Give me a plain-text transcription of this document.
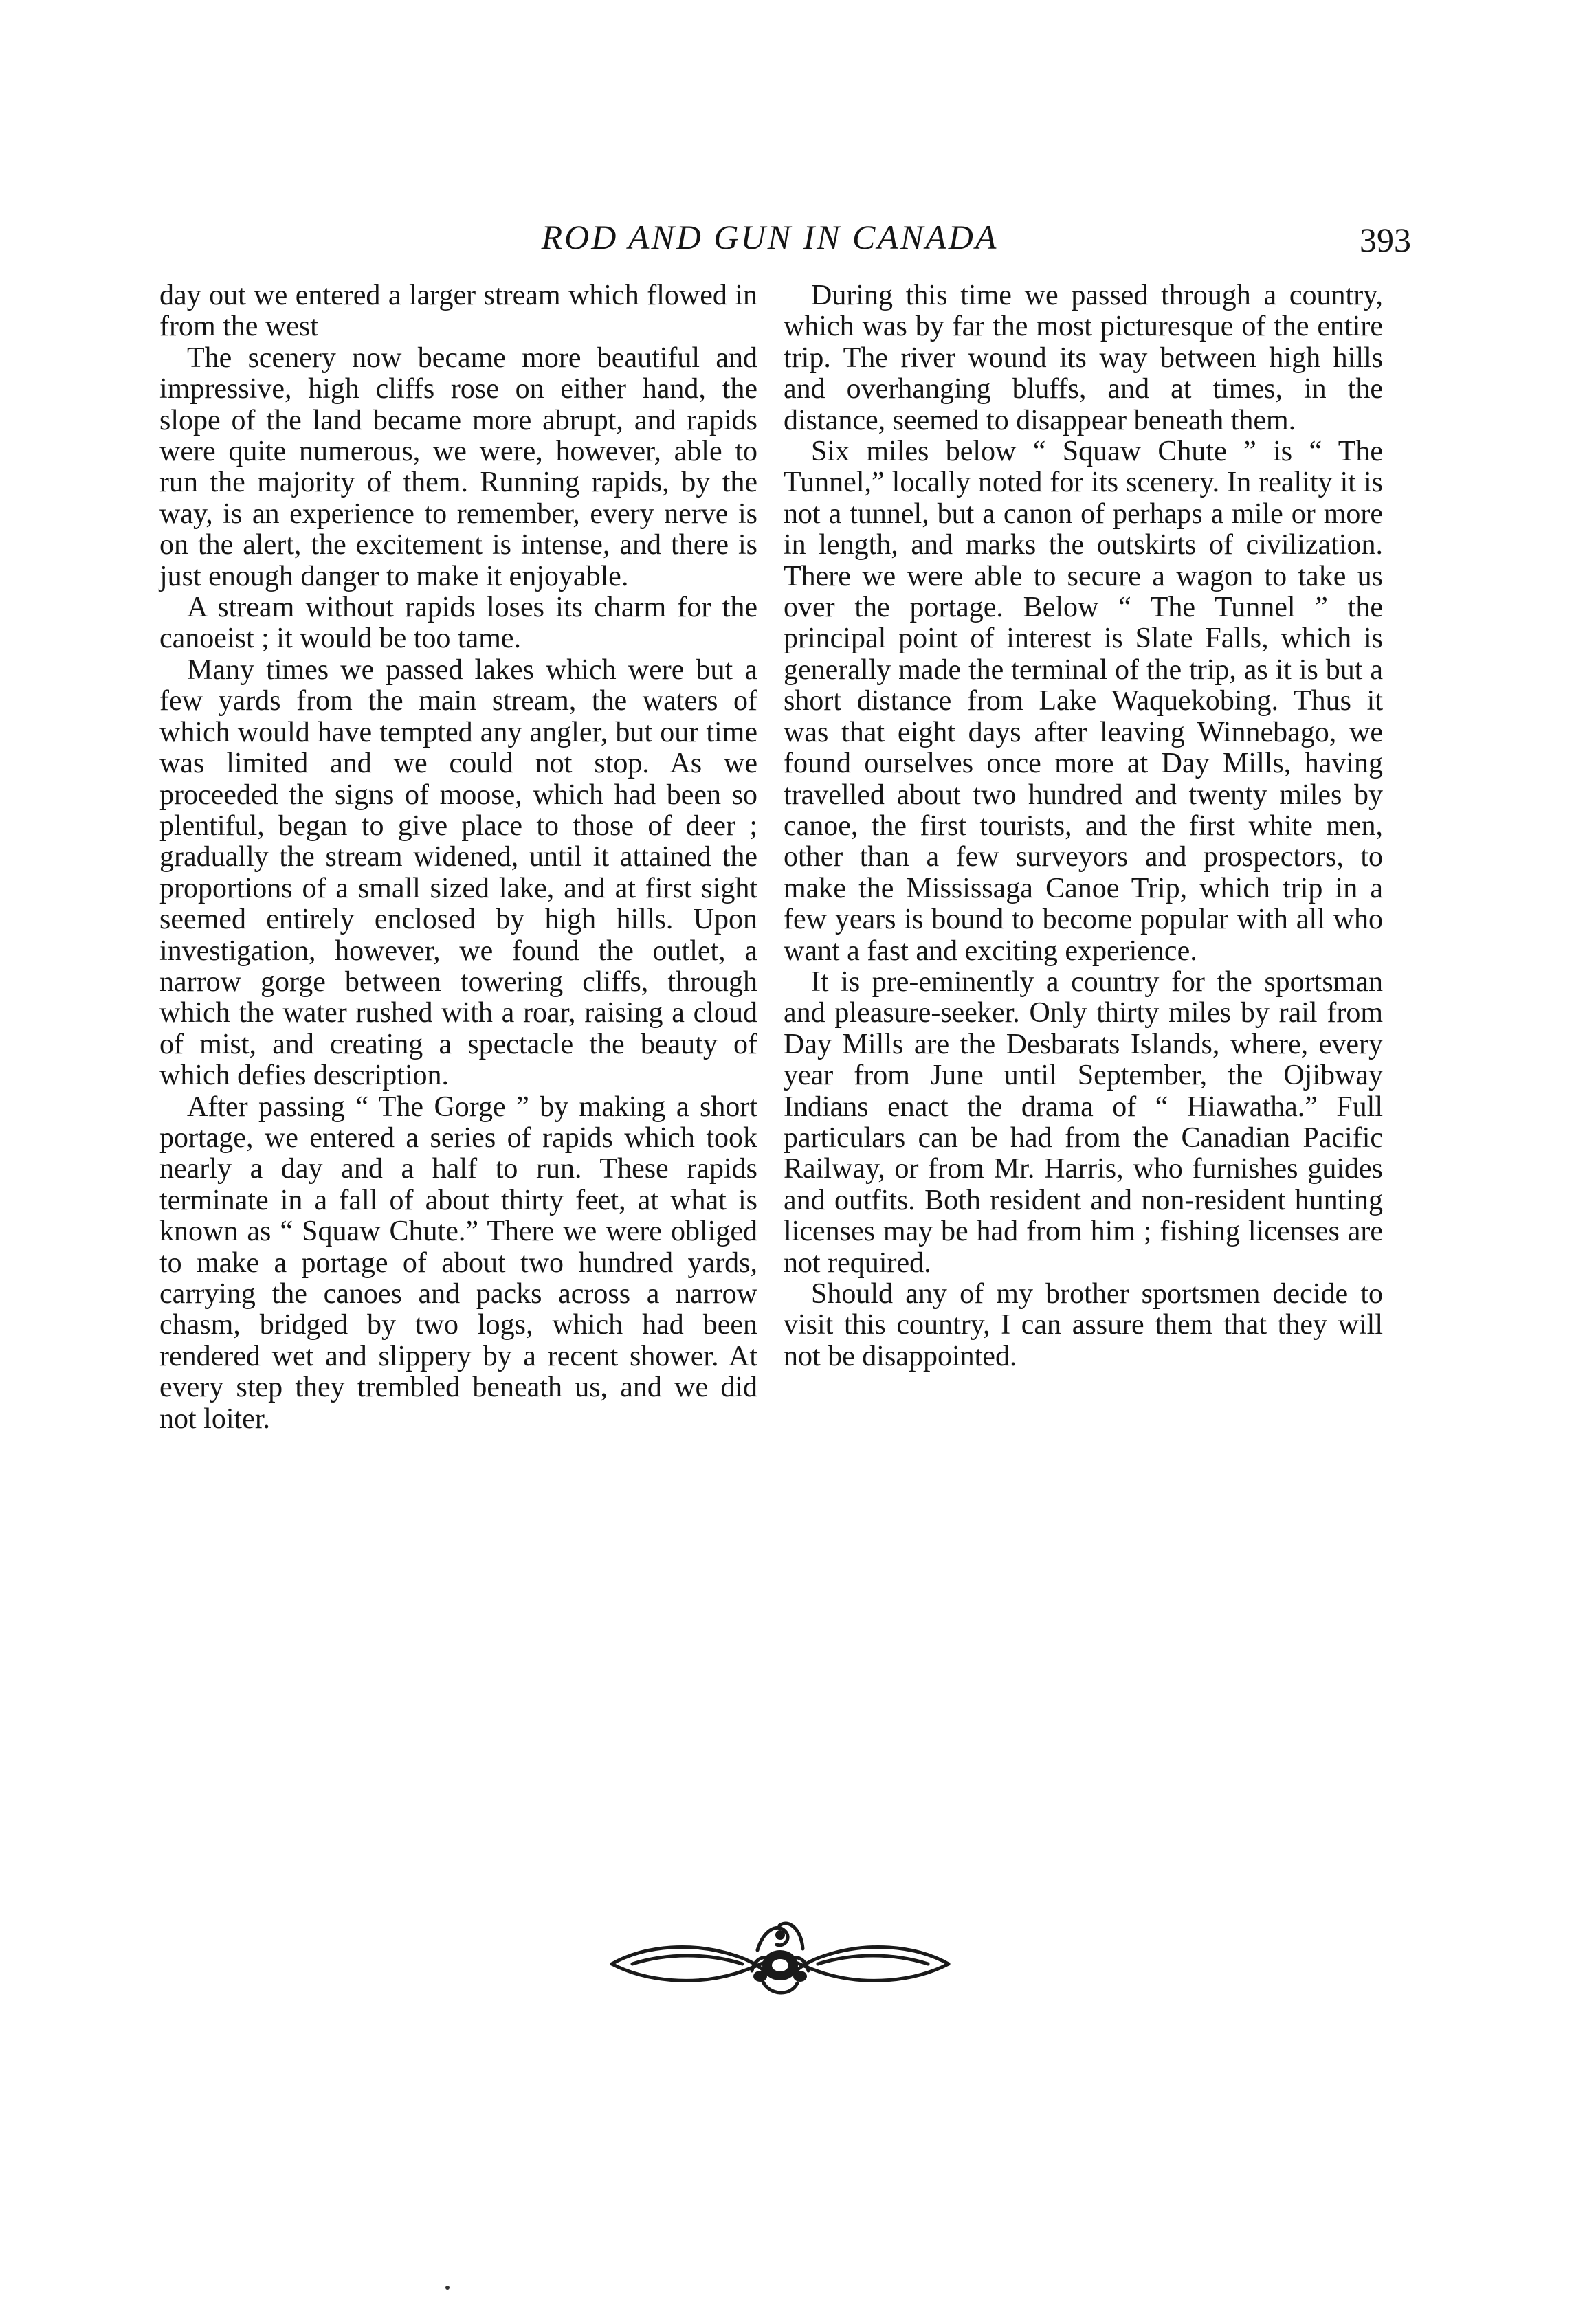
ROD AND GUN IN CANADA	393

day out we entered a larger stream which flowed in from the west

The scenery now became more beautiful and impressive, high cliffs rose on either hand, the slope of the land became more abrupt, and rapids were quite numerous, we were, however, able to run the majority of them. Running rapids, by the way, is an experience to remember, every nerve is on the alert, the excitement is intense, and there is just enough danger to make it enjoyable.

A stream without rapids loses its charm for the canoeist ; it would be too tame.

Many times we passed lakes which were but a few yards from the main stream, the waters of which would have tempted any angler, but our time was limited and we could not stop. As we proceeded the signs of moose, which had been so plentiful, began to give place to those of deer ; gradually the stream widened, until it attained the proportions of a small sized lake, and at first sight seemed entirely enclosed by high hills. Upon investigation, however, we found the outlet, a narrow gorge between towering cliffs, through which the water rushed with a roar, raising a cloud of mist, and creating a spectacle the beauty of which defies description.

After passing “ The Gorge ” by making a short portage, we entered a series of rapids which took nearly a day and a half to run. These rapids terminate in a fall of about thirty feet, at what is known as “ Squaw Chute.” There we were obliged to make a portage of about two hundred yards, carrying the canoes and packs across a narrow chasm, bridged by two logs, which had been rendered wet and slippery by a recent shower. At every step they trembled beneath us, and we did not loiter.

During this time we passed through a country, which was by far the most picturesque of the entire trip. The river wound its way between high hills and overhanging bluffs, and at times, in the distance, seemed to disappear beneath them.

Six miles below “ Squaw Chute ” is “ The Tunnel,” locally noted for its scenery. In reality it is not a tunnel, but a canon of perhaps a mile or more in length, and marks the outskirts of civilization. There we were able to secure a wagon to take us over the portage. Below “ The Tunnel ” the principal point of interest is Slate Falls, which is generally made the terminal of the trip, as it is but a short distance from Lake Waquekobing. Thus it was that eight days after leaving Winnebago, we found ourselves once more at Day Mills, having travelled about two hundred and twenty miles by canoe, the first tourists, and the first white men, other than a few surveyors and prospectors, to make the Mississaga Canoe Trip, which trip in a few years is bound to become popular with all who want a fast and exciting experience.

It is pre-eminently a country for the sportsman and pleasure-seeker. Only thirty miles by rail from Day Mills are the Desbarats Islands, where, every year from June until September, the Ojibway Indians enact the drama of “ Hiawatha.” Full particulars can be had from the Canadian Pacific Railway, or from Mr. Harris, who furnishes guides and outfits. Both resident and non-resident hunting licenses may be had from him ; fishing licenses are not required.

Should any of my brother sportsmen decide to visit this country, I can assure them that they will not be disappointed.
